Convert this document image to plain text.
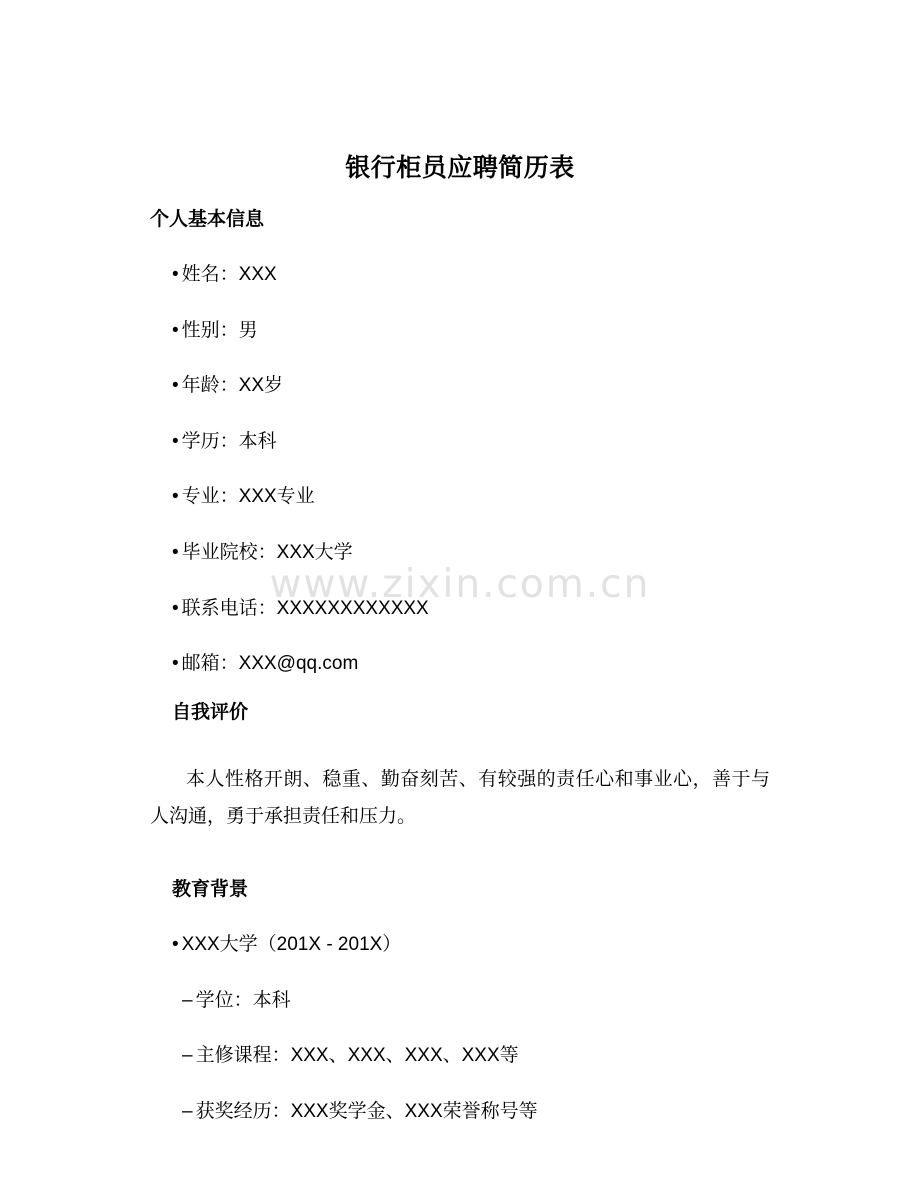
www.zixin.com.cn
银行柜员应聘简历表
个人基本信息
• 姓名：XXX
• 性别：男
• 年龄：XX岁
• 学历：本科
• 专业：XXX专业
• 毕业院校：XXX大学
• 联系电话：XXXXXXXXXXXX
• 邮箱：XXX@qq.com
自我评价

本人性格开朗、稳重、勤奋刻苦、有较强的责任心和事业心，善于与人沟通，勇于承担责任和压力。

教育背景
• XXX大学（201X - 201X）
– 学位：本科
– 主修课程：XXX、XXX、XXX、XXX等
– 获奖经历：XXX奖学金、XXX荣誉称号等
